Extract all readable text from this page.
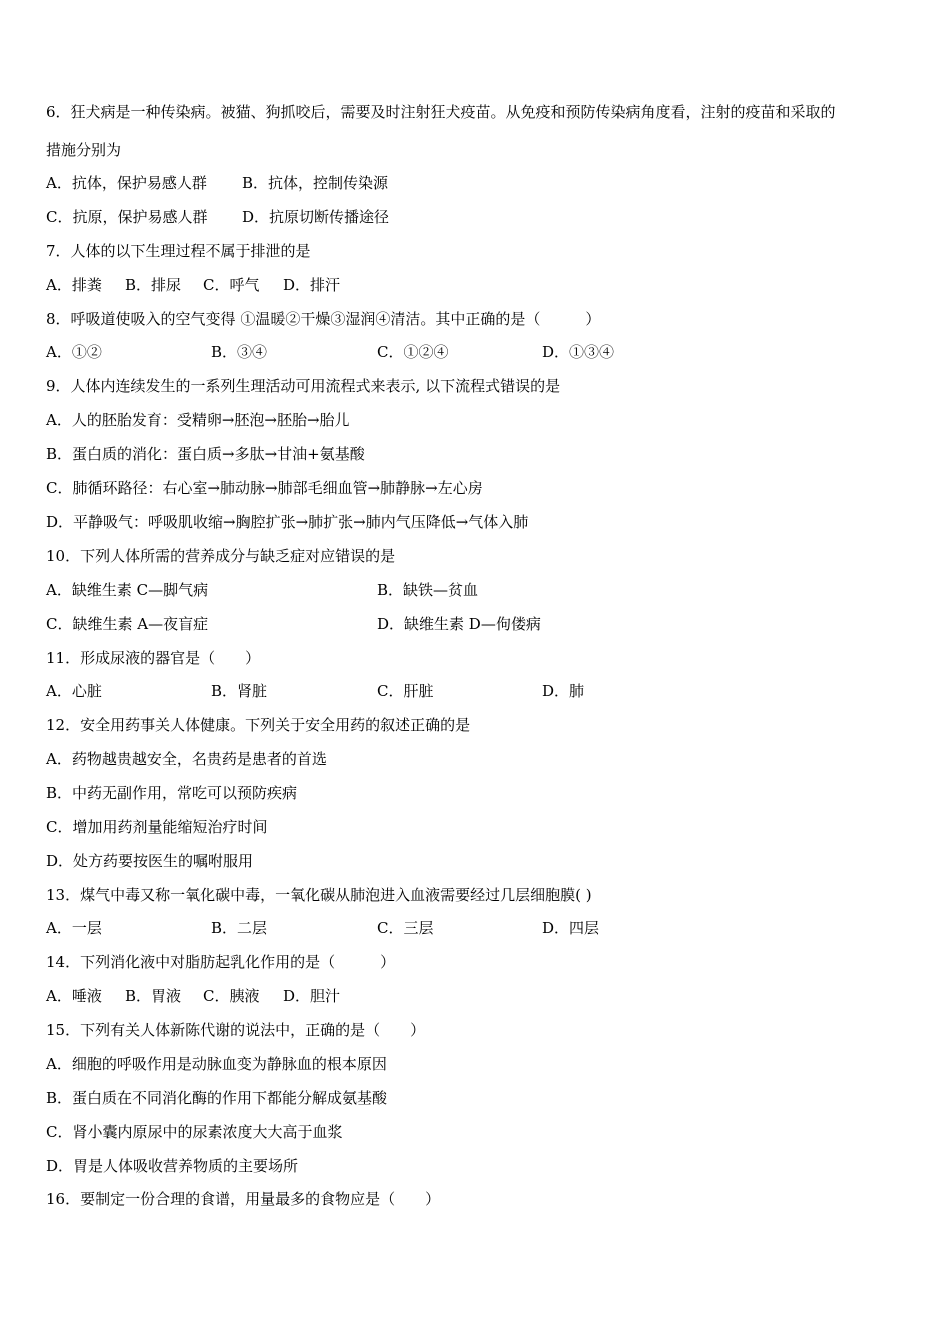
6．狂犬病是一种传染病。被猫、狗抓咬后，需要及时注射狂犬疫苗。从免疫和预防传染病角度看，注射的疫苗和采取的
措施分别为
A．抗体，保护易感人群 B．抗体，控制传染源
C．抗原，保护易感人群 D．抗原切断传播途径
7．人体的以下生理过程不属于排泄的是
A．排粪 B．排尿 C．呼气 D．排汗
8．呼吸道使吸入的空气变得 ①温暖②干燥③湿润④清洁。其中正确的是（　　　）
A．①②	B．③④	C．①②④	D．①③④
9．人体内连续发生的一系列生理活动可用流程式来表示, 以下流程式错误的是
A．人的胚胎发育：受精卵→胚泡→胚胎→胎儿
B．蛋白质的消化：蛋白质→多肽→甘油+氨基酸
C．肺循环路径：右心室→肺动脉→肺部毛细血管→肺静脉→左心房
D．平静吸气：呼吸肌收缩→胸腔扩张→肺扩张→肺内气压降低→气体入肺
10．下列人体所需的营养成分与缺乏症对应错误的是
A．缺维生素 C—脚气病	B．缺铁—贫血
C．缺维生素 A—夜盲症	D．缺维生素 D—佝偻病
11．形成尿液的器官是（　　）
A．心脏	B．肾脏	C．肝脏	D．肺
12．安全用药事关人体健康。下列关于安全用药的叙述正确的是
A．药物越贵越安全，名贵药是患者的首选
B．中药无副作用，常吃可以预防疾病
C．增加用药剂量能缩短治疗时间
D．处方药要按医生的嘱咐服用
13．煤气中毒又称一氧化碳中毒，一氧化碳从肺泡进入血液需要经过几层细胞膜( )
A．一层	B．二层	C．三层	D．四层
14．下列消化液中对脂肪起乳化作用的是（　　　）
A．唾液 B．胃液 C．胰液 D．胆汁
15．下列有关人体新陈代谢的说法中，正确的是（　　）
A．细胞的呼吸作用是动脉血变为静脉血的根本原因
B．蛋白质在不同消化酶的作用下都能分解成氨基酸
C．肾小囊内原尿中的尿素浓度大大高于血浆
D．胃是人体吸收营养物质的主要场所
16．要制定一份合理的食谱，用量最多的食物应是（　　）
